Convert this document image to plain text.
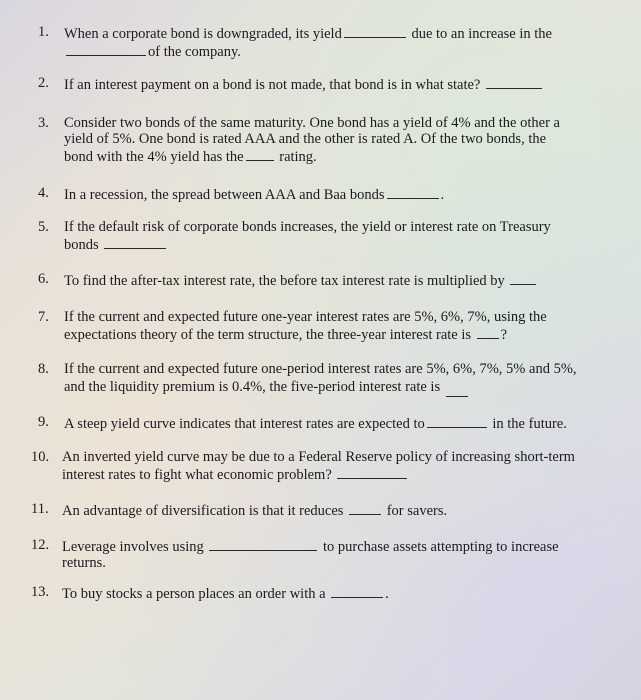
1. When a corporate bond is downgraded, its yield	due to an increase in the
of the company.
2. If an interest payment on a bond is not made, that bond is in what state?
3. Consider two bonds of the same maturity. One bond has a yield of 4% and the other a
yield of 5%. One bond is rated AAA and the other is rated A. Of the two bonds, the
bond with the 4% yield has the rating.
4. In a recession, the spread between AAA and Baa bonds	.
5. If the default risk of corporate bonds increases, the yield or interest rate on Treasury
bonds
6. To find the after-tax interest rate, the before tax interest rate is multiplied by
7. If the current and expected future one-year interest rates are 5%, 6%, 7%, using the
expectations theory of the term structure, the three-year interest rate is ?
8. If the current and expected future one-period interest rates are 5%, 6%, 7%, 5% and 5%,
and the liquidity premium is 0.4%, the five-period interest rate is
9. A steep yield curve indicates that interest rates are expected to	in the future.
10. An inverted yield curve may be due to a Federal Reserve policy of increasing short-term
interest rates to fight what economic problem?
11. An advantage of diversification is that it reduces	for savers.
12. Leverage involves using	to purchase assets attempting to increase
returns.
13. To buy stocks a person places an order with a	.
